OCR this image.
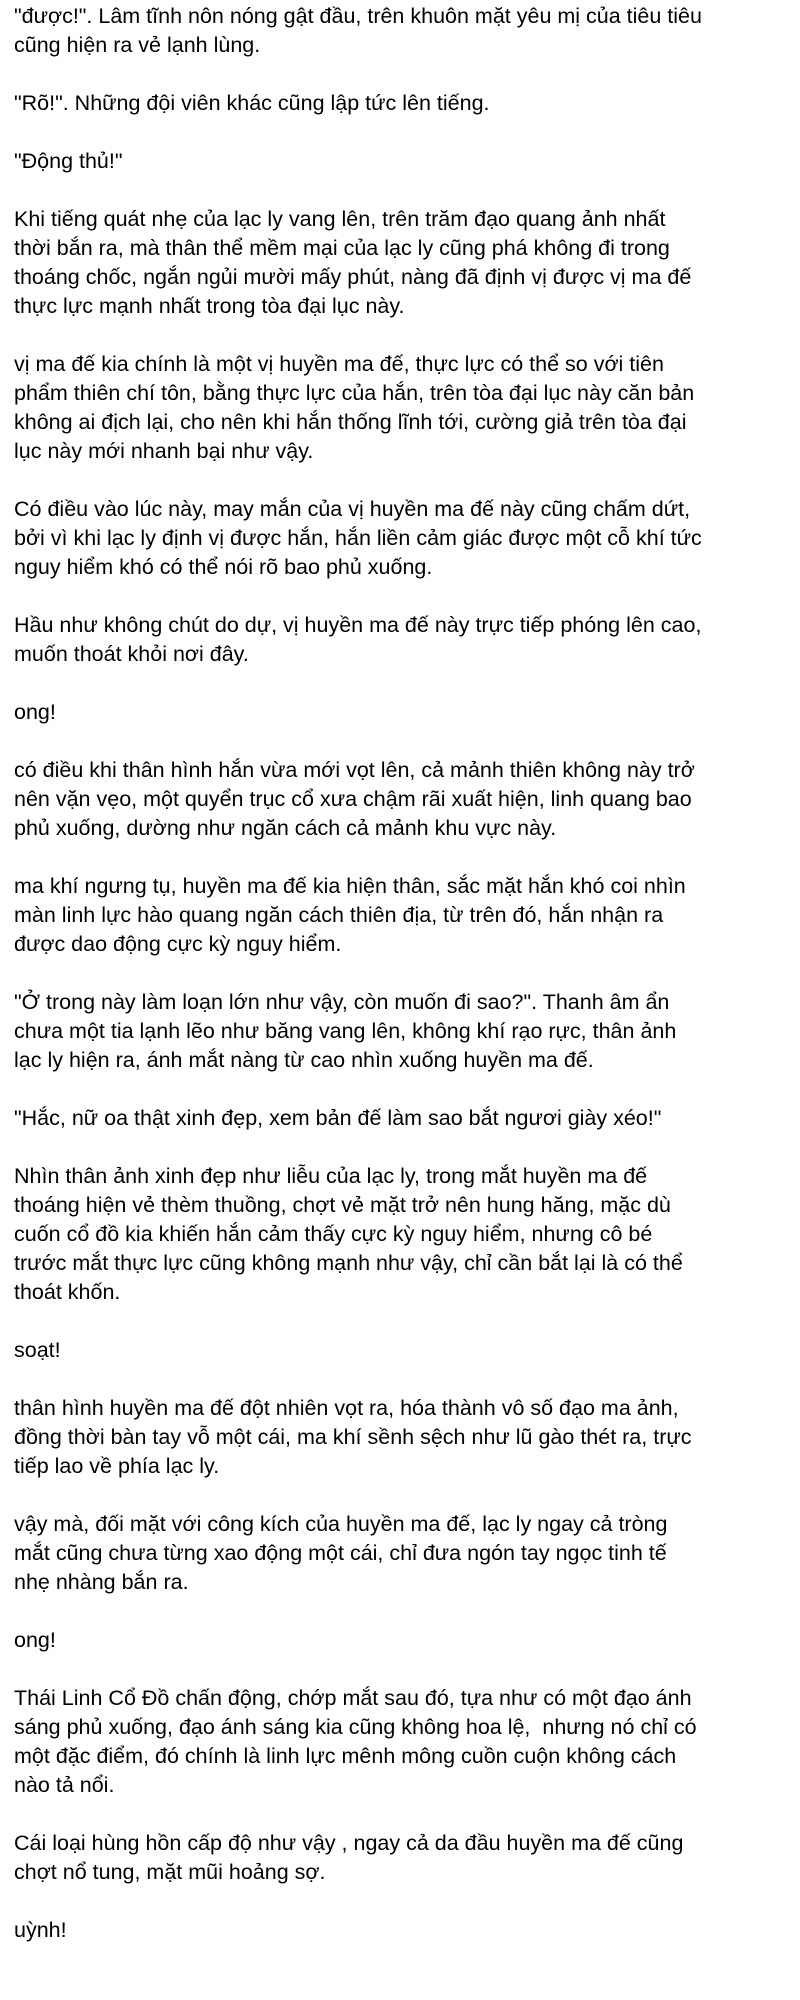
"được!". Lâm tĩnh nôn nóng gật đầu, trên khuôn mặt yêu mị của tiêu tiêu
cũng hiện ra vẻ lạnh lùng.

"Rõ!". Những đội viên khác cũng lập tức lên tiếng.

"Động thủ!"

Khi tiếng quát nhẹ của lạc ly vang lên, trên trăm đạo quang ảnh nhất
thời bắn ra, mà thân thể mềm mại của lạc ly cũng phá không đi trong
thoáng chốc, ngắn ngủi mười mấy phút, nàng đã định vị được vị ma đế
thực lực mạnh nhất trong tòa đại lục này.

vị ma đế kia chính là một vị huyền ma đế, thực lực có thể so với tiên
phẩm thiên chí tôn, bằng thực lực của hắn, trên tòa đại lục này căn bản
không ai địch lại, cho nên khi hắn thống lĩnh tới, cường giả trên tòa đại
lục này mới nhanh bại như vậy.

Có điều vào lúc này, may mắn của vị huyền ma đế này cũng chấm dứt,
bởi vì khi lạc ly định vị được hắn, hắn liền cảm giác được một cỗ khí tức
nguy hiểm khó có thể nói rõ bao phủ xuống.

Hầu như không chút do dự, vị huyền ma đế này trực tiếp phóng lên cao,
muốn thoát khỏi nơi đây.

ong!

có điều khi thân hình hắn vừa mới vọt lên, cả mảnh thiên không này trở
nên vặn vẹo, một quyển trục cổ xưa chậm rãi xuất hiện, linh quang bao
phủ xuống, dường như ngăn cách cả mảnh khu vực này.

ma khí ngưng tụ, huyền ma đế kia hiện thân, sắc mặt hắn khó coi nhìn
màn linh lực hào quang ngăn cách thiên địa, từ trên đó, hắn nhận ra
được dao động cực kỳ nguy hiểm.

"Ở trong này làm loạn lớn như vậy, còn muốn đi sao?". Thanh âm ẩn
chưa một tia lạnh lẽo như băng vang lên, không khí rạo rực, thân ảnh
lạc ly hiện ra, ánh mắt nàng từ cao nhìn xuống huyền ma đế.

"Hắc, nữ oa thật xinh đẹp, xem bản đế làm sao bắt ngươi giày xéo!"

Nhìn thân ảnh xinh đẹp như liễu của lạc ly, trong mắt huyền ma đế
thoáng hiện vẻ thèm thuồng, chợt vẻ mặt trở nên hung hăng, mặc dù
cuốn cổ đồ kia khiến hắn cảm thấy cực kỳ nguy hiểm, nhưng cô bé
trước mắt thực lực cũng không mạnh như vậy, chỉ cần bắt lại là có thể
thoát khốn.

soạt!

thân hình huyền ma đế đột nhiên vọt ra, hóa thành vô số đạo ma ảnh,
đồng thời bàn tay vỗ một cái, ma khí sềnh sệch như lũ gào thét ra, trực
tiếp lao về phía lạc ly.

vậy mà, đối mặt với công kích của huyền ma đế, lạc ly ngay cả tròng
mắt cũng chưa từng xao động một cái, chỉ đưa ngón tay ngọc tinh tế
nhẹ nhàng bắn ra.

ong!

Thái Linh Cổ Đồ chấn động, chớp mắt sau đó, tựa như có một đạo ánh
sáng phủ xuống, đạo ánh sáng kia cũng không hoa lệ,  nhưng nó chỉ có
một đặc điểm, đó chính là linh lực mênh mông cuồn cuộn không cách
nào tả nổi.

Cái loại hùng hồn cấp độ như vậy , ngay cả da đầu huyền ma đế cũng
chợt nổ tung, mặt mũi hoảng sợ.

uỳnh!
